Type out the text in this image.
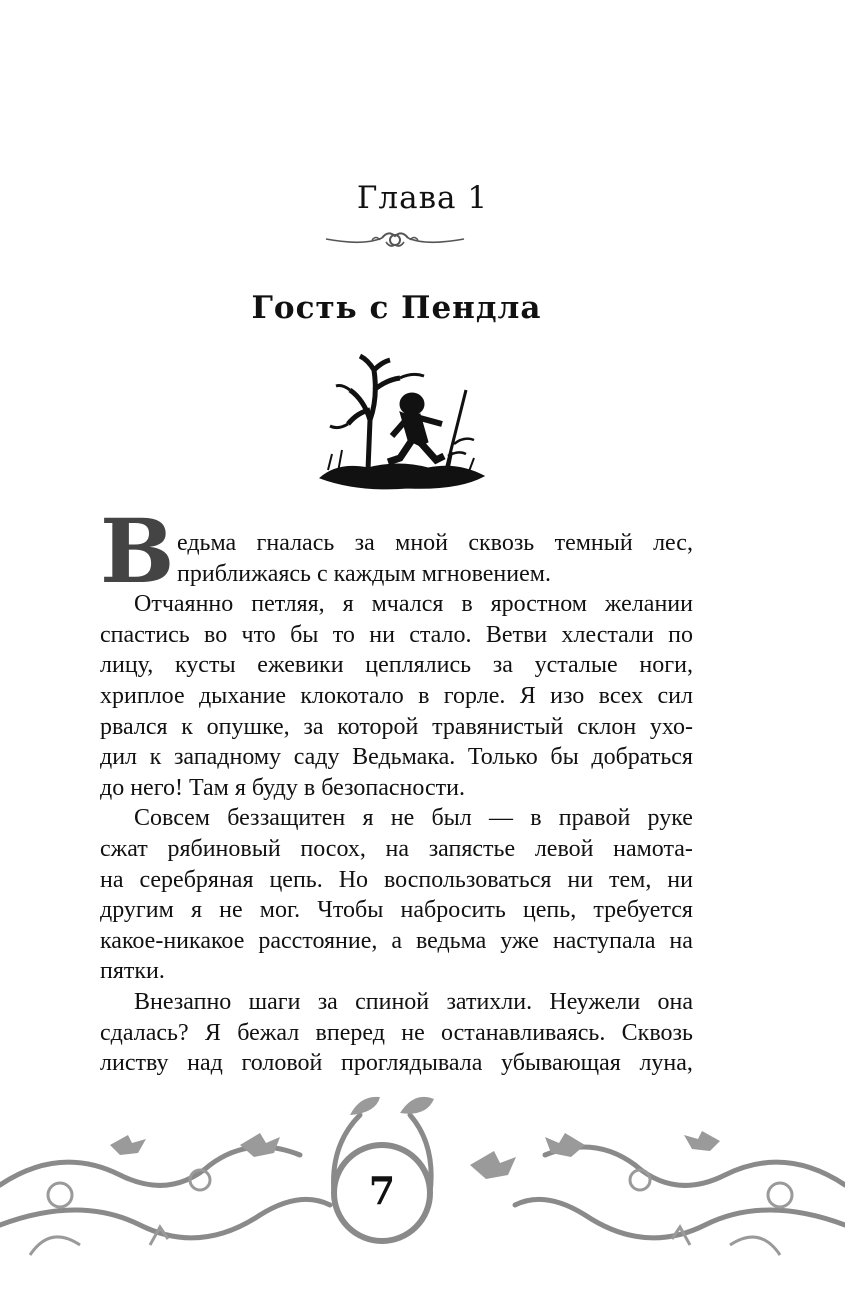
Глава 1
Гость с Пендла
В едьма гналась за мной сквозь темный лес,
приближаясь с каждым мгновением.
Отчаянно петляя, я мчался в яростном желании
спастись во что бы то ни стало. Ветви хлестали по
лицу, кусты ежевики цеплялись за усталые ноги,
хриплое дыхание клокотало в горле. Я изо всех сил
рвался к опушке, за которой травянистый склон ухо-
дил к западному саду Ведьмака. Только бы добраться
до него! Там я буду в безопасности.
Совсем беззащитен я не был — в правой руке
сжат рябиновый посох, на запястье левой намота-
на серебряная цепь. Но воспользоваться ни тем, ни
другим я не мог. Чтобы набросить цепь, требуется
какое-никакое расстояние, а ведьма уже наступала на
пятки.
Внезапно шаги за спиной затихли. Неужели она
сдалась? Я бежал вперед не останавливаясь. Сквозь
листву над головой проглядывала убывающая луна,
7
